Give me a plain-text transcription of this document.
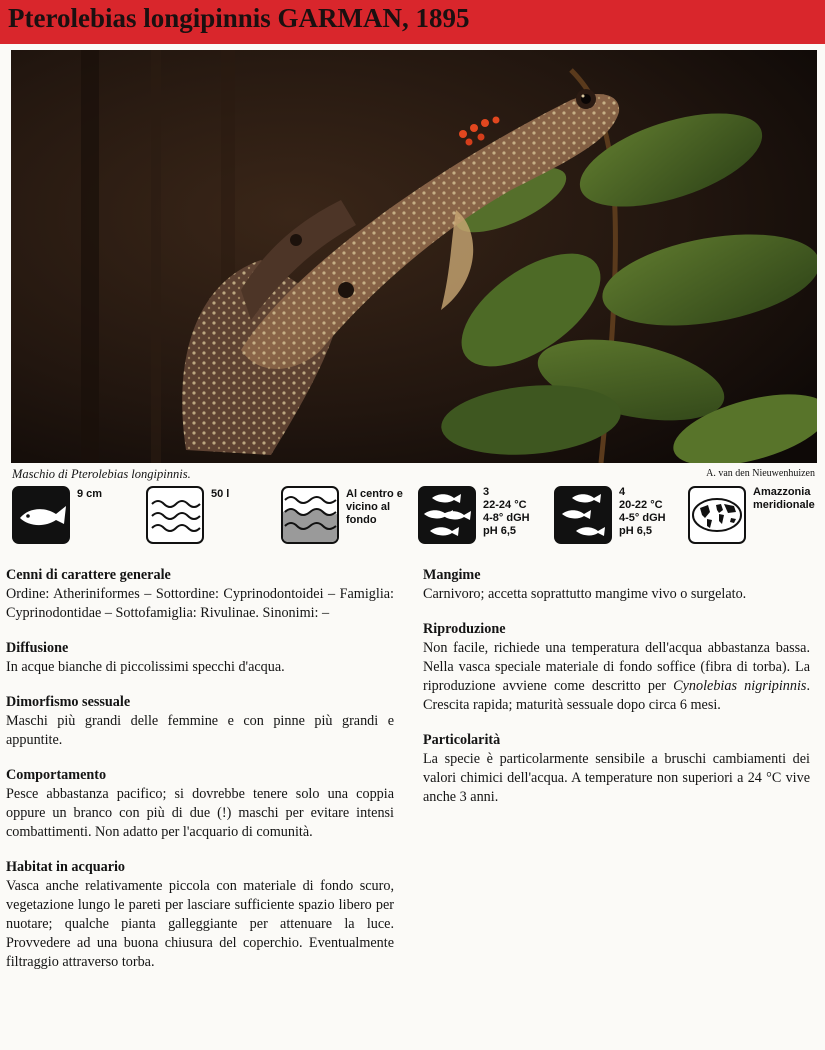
Pterolebias longipinnis GARMAN, 1895
Maschio di Pterolebias longipinnis.	A. van den Nieuwenhuizen
9 cm	50 l	Al centro e
vicino al
fondo
3
22-24 °C
4-8° dGH
pH 6,5
4
20-22 °C
4-5° dGH
pH 6,5
Amazzonia
meridionale
Cenni di carattere generale

Ordine: Atheriniformes – Sottordine: Cyprinodontoidei – Famiglia: Cyprinodontidae – Sottofamiglia: Rivulinae. Sinonimi: –

Diffusione

In acque bianche di piccolissimi specchi d'acqua.

Dimorfismo sessuale

Maschi più grandi delle femmine e con pinne più grandi e appuntite.

Comportamento

Pesce abbastanza pacifico; si dovrebbe tenere solo una coppia oppure un branco con più di due (!) maschi per evitare intensi combattimenti. Non adatto per l'acquario di comunità.

Habitat in acquario

Vasca anche relativamente piccola con materiale di fondo scuro, vegetazione lungo le pareti per lasciare sufficiente spazio libero per nuotare; qualche pianta galleggiante per attenuare la luce. Provvedere ad una buona chiusura del coperchio. Eventualmente filtraggio attraverso torba.

Mangime

Carnivoro; accetta soprattutto mangime vivo o surgelato.

Riproduzione

Non facile, richiede una temperatura dell'acqua abbastanza bassa. Nella vasca speciale materiale di fondo soffice (fibra di torba). La riproduzione avviene come descritto per Cynolebias nigripinnis. Crescita rapida; maturità sessuale dopo circa 6 mesi.

Particolarità

La specie è particolarmente sensibile a bruschi cambiamenti dei valori chimici dell'acqua. A temperature non superiori a 24 °C vive anche 3 anni.
